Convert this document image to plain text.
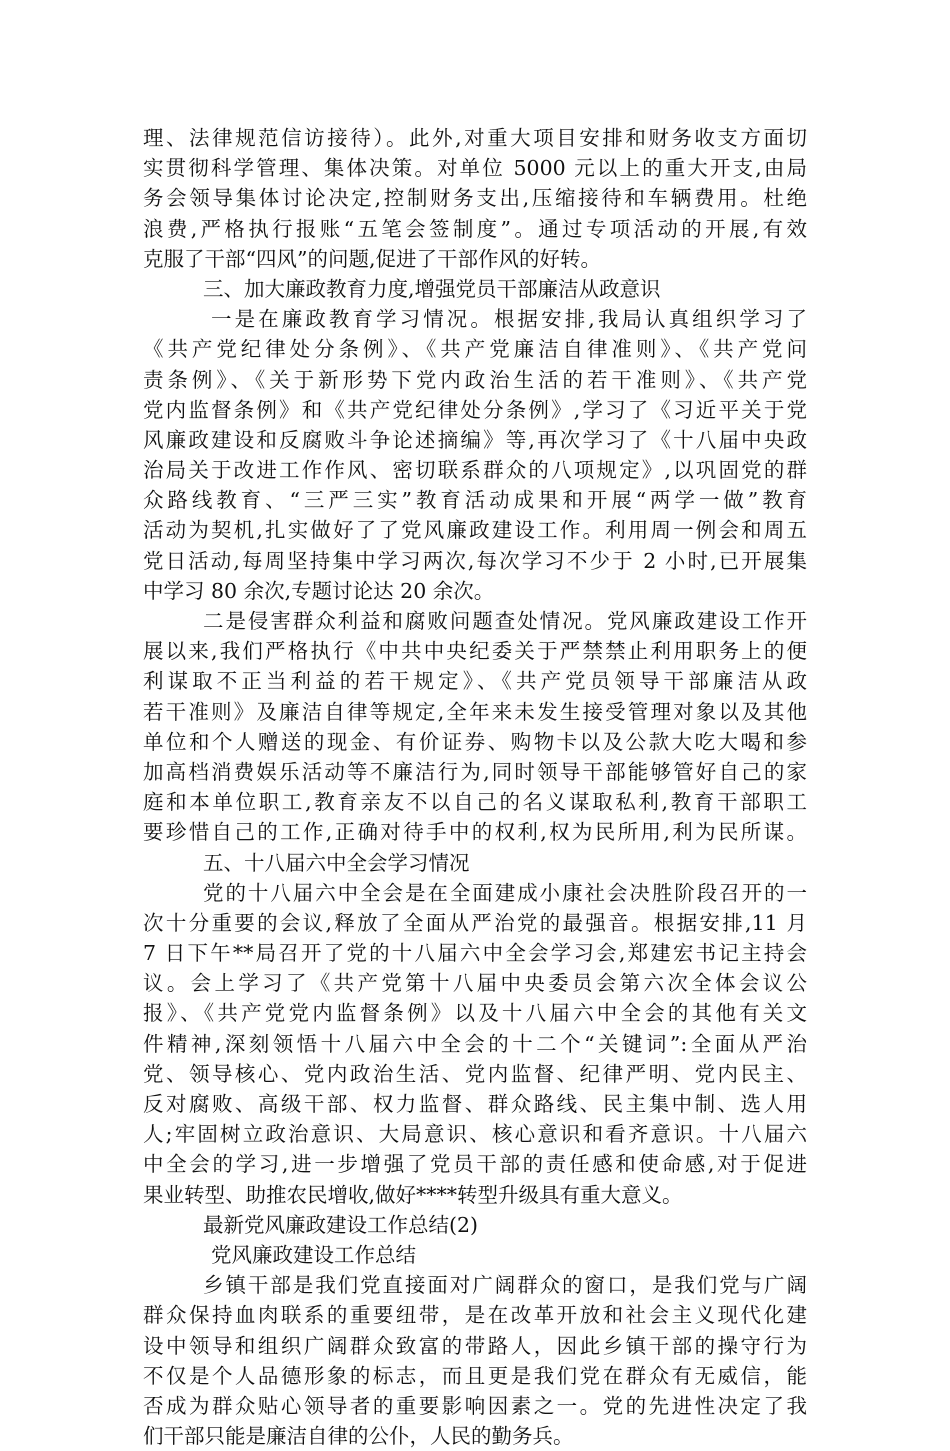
理、法律规范信访接待）。此外,对重大项目安排和财务收支方面切
实贯彻科学管理、集体决策。对单位 5000 元以上的重大开支,由局
务会领导集体讨论决定,控制财务支出,压缩接待和车辆费用。杜绝
浪费,严格执行报账“五笔会签制度”。通过专项活动的开展,有效
克服了干部“四风”的问题,促进了干部作风的好转。
三、加大廉政教育力度,增强党员干部廉洁从政意识
一是在廉政教育学习情况。根据安排,我局认真组织学习了
《共产党纪律处分条例》、《共产党廉洁自律准则》、《共产党问
责条例》、《关于新形势下党内政治生活的若干准则》、《共产党
党内监督条例》和《共产党纪律处分条例》,学习了《习近平关于党
风廉政建设和反腐败斗争论述摘编》等,再次学习了《十八届中央政
治局关于改进工作作风、密切联系群众的八项规定》,以巩固党的群
众路线教育、“三严三实”教育活动成果和开展“两学一做”教育
活动为契机,扎实做好了了党风廉政建设工作。利用周一例会和周五
党日活动,每周坚持集中学习两次,每次学习不少于 2 小时,已开展集
中学习 80 余次,专题讨论达 20 余次。
二是侵害群众利益和腐败问题查处情况。党风廉政建设工作开
展以来,我们严格执行《中共中央纪委关于严禁禁止利用职务上的便
利谋取不正当利益的若干规定》、《共产党员领导干部廉洁从政
若干准则》及廉洁自律等规定,全年来未发生接受管理对象以及其他
单位和个人赠送的现金、有价证券、购物卡以及公款大吃大喝和参
加高档消费娱乐活动等不廉洁行为,同时领导干部能够管好自己的家
庭和本单位职工,教育亲友不以自己的名义谋取私利,教育干部职工
要珍惜自己的工作,正确对待手中的权利,权为民所用,利为民所谋。
五、十八届六中全会学习情况
党的十八届六中全会是在全面建成小康社会决胜阶段召开的一
次十分重要的会议,释放了全面从严治党的最强音。根据安排,11 月
7 日下午**局召开了党的十八届六中全会学习会,郑建宏书记主持会
议。会上学习了《共产党第十八届中央委员会第六次全体会议公
报》、《共产党党内监督条例》以及十八届六中全会的其他有关文
件精神,深刻领悟十八届六中全会的十二个“关键词”:全面从严治
党、领导核心、党内政治生活、党内监督、纪律严明、党内民主、
反对腐败、高级干部、权力监督、群众路线、民主集中制、选人用
人;牢固树立政治意识、大局意识、核心意识和看齐意识。十八届六
中全会的学习,进一步增强了党员干部的责任感和使命感,对于促进
果业转型、助推农民增收,做好****转型升级具有重大意义。
最新党风廉政建设工作总结(2)
党风廉政建设工作总结
乡镇干部是我们党直接面对广阔群众的窗口，是我们党与广阔
群众保持血肉联系的重要纽带，是在改革开放和社会主义现代化建
设中领导和组织广阔群众致富的带路人，因此乡镇干部的操守行为
不仅是个人品德形象的标志，而且更是我们党在群众有无威信，能
否成为群众贴心领导者的重要影响因素之一。党的先进性决定了我
们干部只能是廉洁自律的公仆，人民的勤务兵。
